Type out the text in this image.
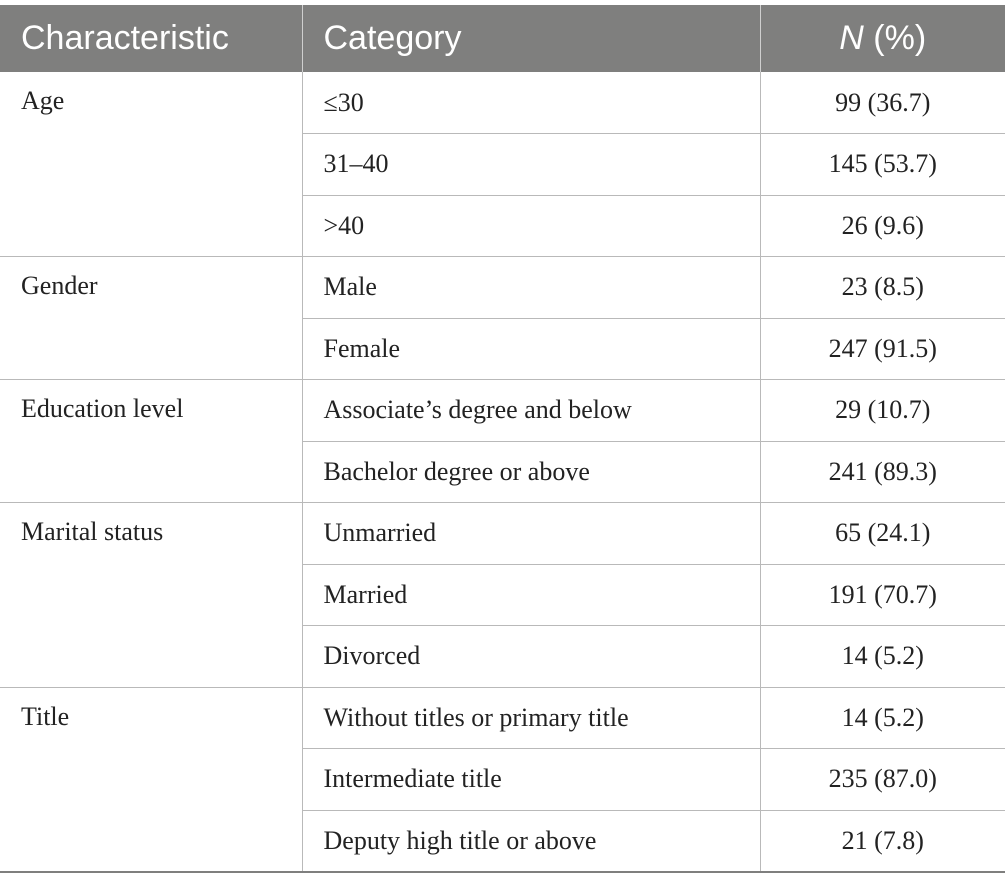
Characteristic	Category	N (%)
Age	≤30	99 (36.7)
	31–40	145 (53.7)
	>40	26 (9.6)
Gender	Male	23 (8.5)
	Female	247 (91.5)
Education level	Associate’s degree and below	29 (10.7)
	Bachelor degree or above	241 (89.3)
Marital status	Unmarried	65 (24.1)
	Married	191 (70.7)
	Divorced	14 (5.2)
Title	Without titles or primary title	14 (5.2)
	Intermediate title	235 (87.0)
	Deputy high title or above	21 (7.8)
